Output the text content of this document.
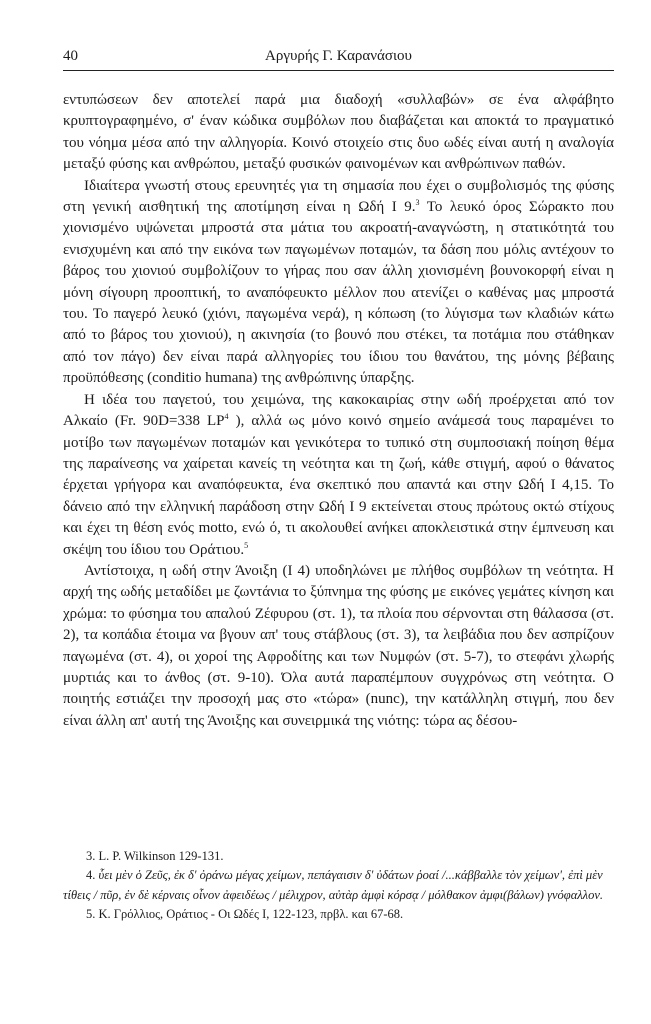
40	Αργυρής Γ. Καρανάσιου

εντυπώσεων δεν αποτελεί παρά μια διαδοχή «συλλαβών» σε ένα αλφάβητο κρυπτογραφημένο, σ' έναν κώδικα συμβόλων που διαβάζεται και αποκτά το πραγματικό του νόημα μέσα από την αλληγορία. Κοινό στοιχείο στις δυο ωδές είναι αυτή η αναλογία μεταξύ φύσης και ανθρώπου, μεταξύ φυσικών φαινομένων και ανθρώπινων παθών.

Ιδιαίτερα γνωστή στους ερευνητές για τη σημασία που έχει ο συμβολισμός της φύσης στη γενική αισθητική της αποτίμηση είναι η Ωδή Ι 9.$^3$ Το λευκό όρος Σώρακτο που χιονισμένο υψώνεται μπροστά στα μάτια του ακροατή-αναγνώστη, η στατικότητά του ενισχυμένη και από την εικόνα των παγωμένων ποταμών, τα δάση που μόλις αντέχουν το βάρος του χιονιού συμβολίζουν το γήρας που σαν άλλη χιονισμένη βουνοκορφή είναι η μόνη σίγουρη προοπτική, το αναπόφευκτο μέλλον που ατενίζει ο καθένας μας μπροστά του. Το παγερό λευκό (χιόνι, παγωμένα νερά), η κόπωση (το λύγισμα των κλαδιών κάτω από το βάρος του χιονιού), η ακινησία (το βουνό που στέκει, τα ποτάμια που στάθηκαν από τον πάγο) δεν είναι παρά αλληγορίες του ίδιου του θανάτου, της μόνης βέβαιης προϋπόθεσης (conditio humana) της ανθρώπινης ύπαρξης.

Η ιδέα του παγετού, του χειμώνα, της κακοκαιρίας στην ωδή προέρχεται από τον Αλκαίο (Fr. 90D=338 LP$^4$ ), αλλά ως μόνο κοινό σημείο ανάμεσά τους παραμένει το μοτίβο των παγωμένων ποταμών και γενικότερα το τυπικό στη συμποσιακή ποίηση θέμα της παραίνεσης να χαίρεται κανείς τη νεότητα και τη ζωή, κάθε στιγμή, αφού ο θάνατος έρχεται γρήγορα και αναπόφευκτα, ένα σκεπτικό που απαντά και στην Ωδή Ι 4,15. Το δάνειο από την ελληνική παράδοση στην Ωδή Ι 9 εκτείνεται στους πρώτους οκτώ στίχους και έχει τη θέση ενός motto, ενώ ό, τι ακολουθεί ανήκει αποκλειστικά στην έμπνευση και σκέψη του ίδιου του Οράτιου.$^5$

Αντίστοιχα, η ωδή στην Άνοιξη (Ι 4) υποδηλώνει με πλήθος συμβόλων τη νεότητα. Η αρχή της ωδής μεταδίδει με ζωντάνια το ξύπνημα της φύσης με εικόνες γεμάτες κίνηση και χρώμα: το φύσημα του απαλού Ζέφυρου (στ. 1), τα πλοία που σέρνονται στη θάλασσα (στ. 2), τα κοπάδια έτοιμα να βγουν απ' τους στάβλους (στ. 3), τα λειβάδια που δεν ασπρίζουν παγωμένα (στ. 4), οι χοροί της Αφροδίτης και των Νυμφών (στ. 5-7), το στεφάνι χλωρής μυρτιάς και το άνθος (στ. 9-10). Όλα αυτά παραπέμπουν συγχρόνως στη νεότητα. Ο ποιητής εστιάζει την προσοχή μας στο «τώρα» (nunc), την κατάλληλη στιγμή, που δεν είναι άλλη απ' αυτή της Άνοιξης και συνειρμικά της νιότης: τώρα ας δέσου-

3. L. P. Wilkinson 129-131.

4. ὗει μὲν ὁ Ζεῦς, ἐκ δ' ὀράνω μέγας χείμων, πεπάγαισιν δ' ὐδάτων ῥοαί /...κάββαλλε τὸν χείμων', ἐπὶ μὲν τίθεις / πῦρ, ἐν δὲ κέρναις οἶνον ἀφειδέως / μέλιχρον, αὐτὰρ ἀμφὶ κόρσᾳ / μόλθακον ἀμφι(βάλων) γνόφαλλον.

5. Κ. Γρόλλιος, Οράτιος - Οι Ωδές Ι, 122-123, πρβλ. και 67-68.
